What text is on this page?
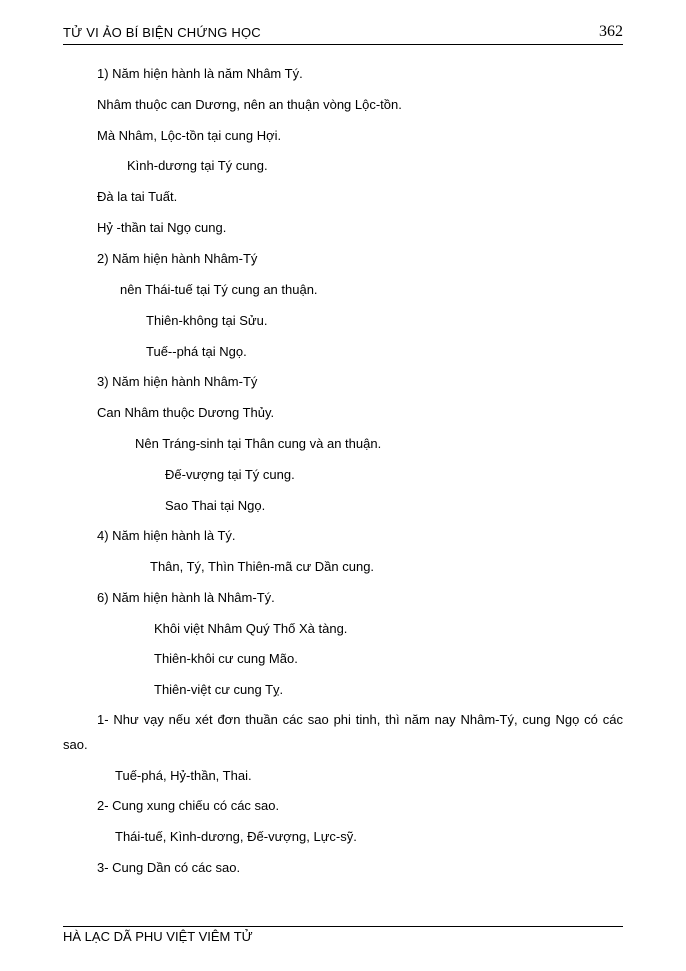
TỬ VI ẢO BÍ BIỆN CHỨNG HỌC	362
1) Năm hiện hành là năm Nhâm Tý.
Nhâm thuộc can Dương, nên an thuận vòng Lộc-tồn.
Mà Nhâm, Lộc-tồn tại cung Hợi.
Kình-dương tại Tý cung.
Đà la tai Tuất.
Hỷ -thần tai Ngọ cung.
2) Năm hiện hành Nhâm-Tý
nên Thái-tuế tại Tý cung an thuận.
Thiên-không tại Sửu.
Tuế--phá tại Ngọ.
3) Năm hiện hành Nhâm-Tý
Can Nhâm thuộc Dương Thủy.
Nên Tráng-sinh tại Thân cung và an thuận.
Đế-vượng tại Tý cung.
Sao Thai tại Ngọ.
4) Năm hiện hành là Tý.
Thân, Tý, Thìn Thiên-mã cư Dần cung.
6) Năm hiện hành là Nhâm-Tý.
Khôi việt Nhâm Quý Thố Xà tàng.
Thiên-khôi cư cung Mão.
Thiên-việt cư cung Tỵ.
1- Như vạy nếu xét đơn thuần các sao phi tinh, thì năm nay Nhâm-Tý, cung Ngọ có các sao.
Tuế-phá, Hỷ-thần, Thai.
2- Cung xung chiếu có các sao.
Thái-tuế, Kình-dương, Đế-vượng, Lực-sỹ.
3- Cung Dần có các sao.
HÀ LẠC DÃ PHU VIỆT VIÊM TỬ
